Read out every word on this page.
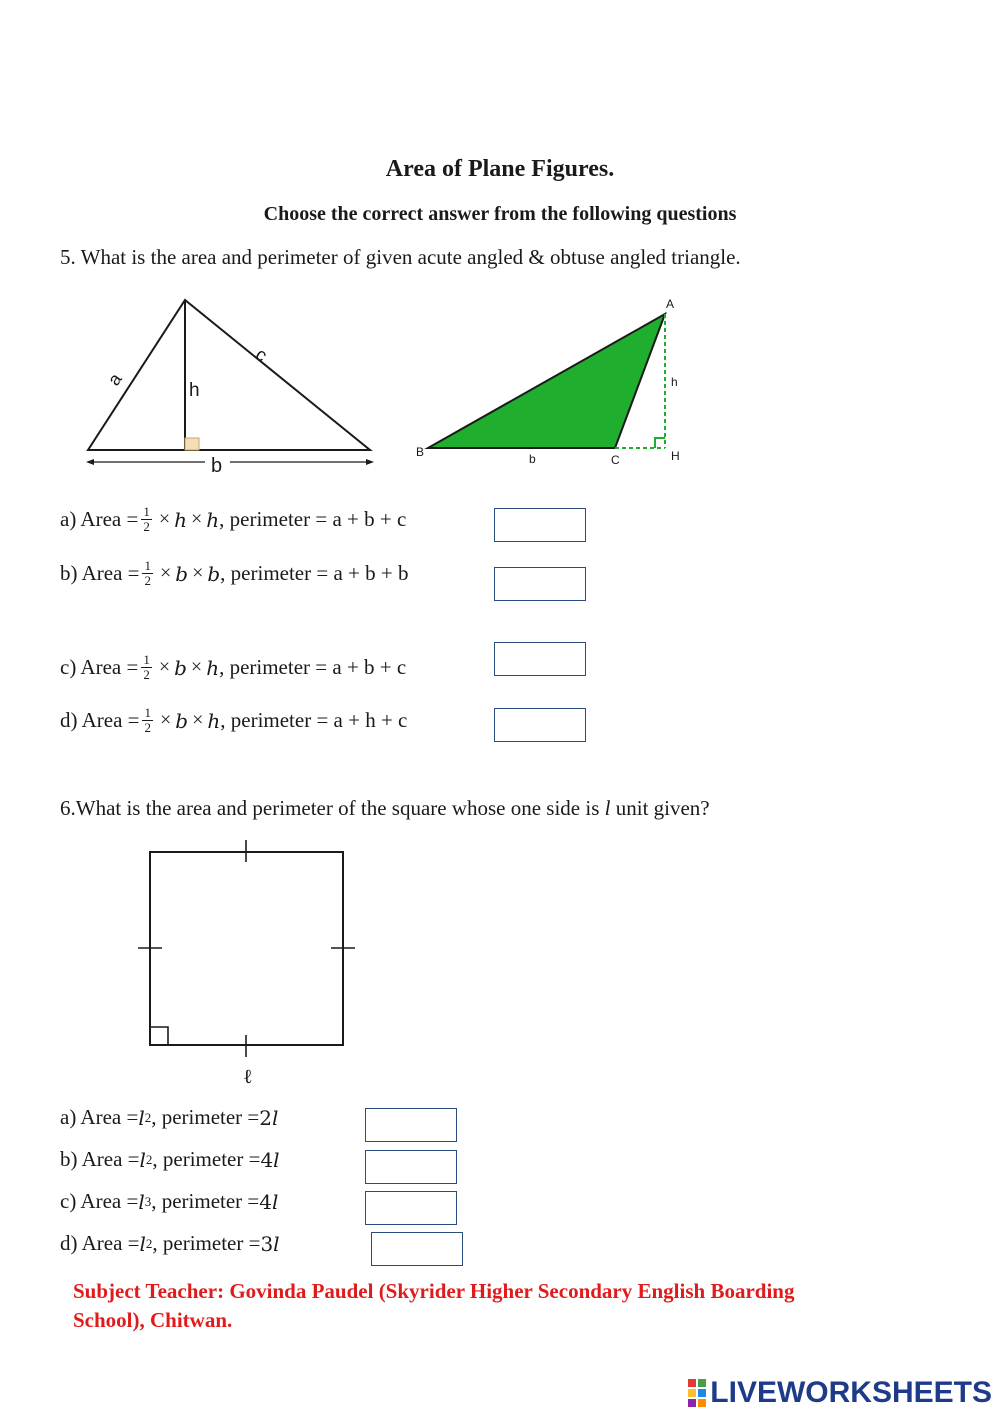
Area of Plane Figures.
Choose the correct answer from the following questions
5. What is the area and perimeter of given acute angled & obtuse angled triangle.
a
c
h
b
A
B
C	H
h
b
a) Area = $\frac{1}{2} \times h \times h$ , perimeter = a + b + c
b) Area = $\frac{1}{2} \times b \times b$ , perimeter = a + b + b
c) Area = $\frac{1}{2} \times b \times h$ , perimeter = a + b + c
d) Area = $\frac{1}{2} \times b \times h$ , perimeter = a + h + c
6.What is the area and perimeter of the square whose one side is l unit given?
ℓ
a) Area = l 2 , perimeter = 2 l
b) Area = l 2 , perimeter = 4 l
c) Area = l 3 , perimeter = 4 l
d) Area = l 2 , perimeter = 3 l
Subject Teacher: Govinda Paudel (Skyrider Higher Secondary English Boarding
School), Chitwan.
LIVEWORKSHEETS
